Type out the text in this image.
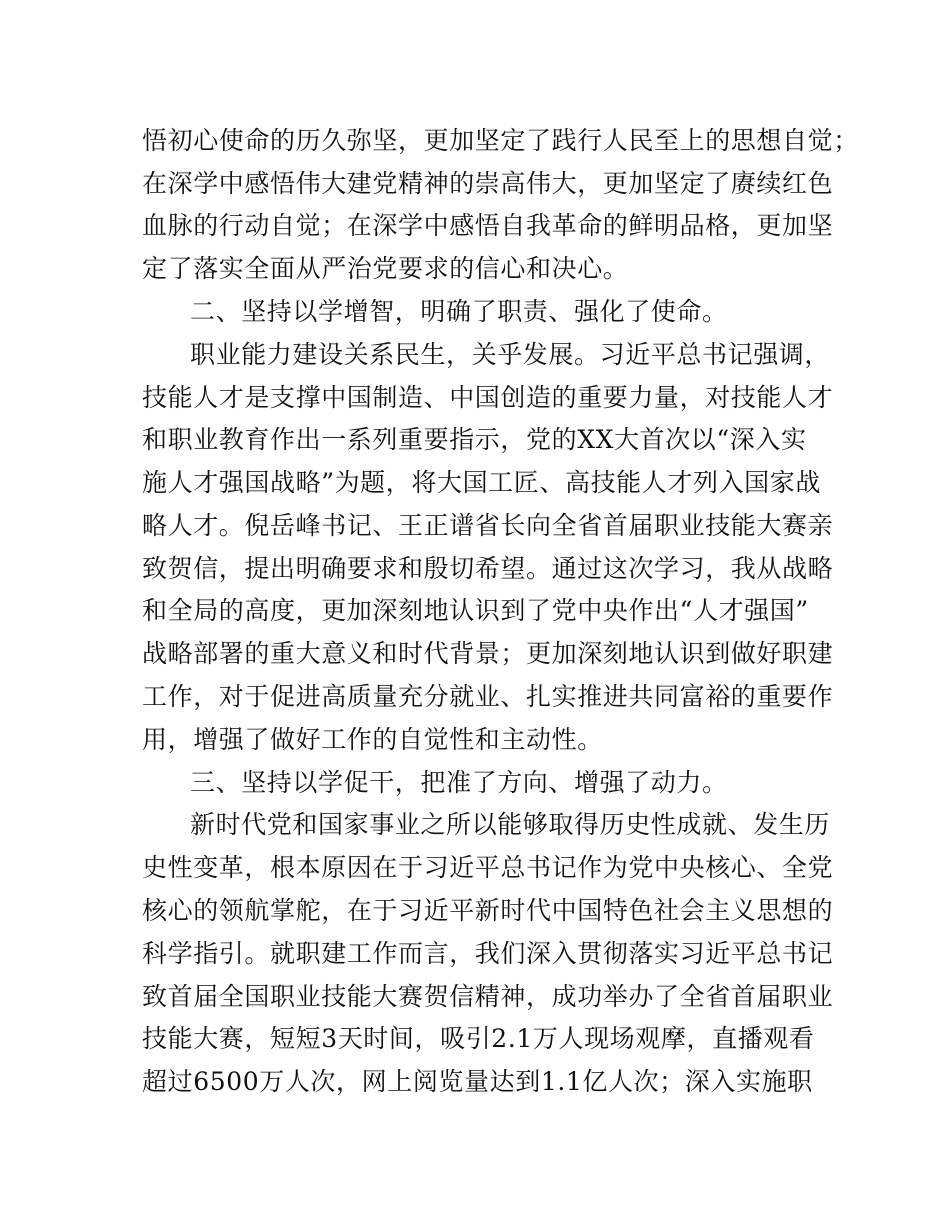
悟初心使命的历久弥坚，更加坚定了践行人民至上的思想自觉；
在深学中感悟伟大建党精神的崇高伟大，更加坚定了赓续红色
血脉的行动自觉；在深学中感悟自我革命的鲜明品格，更加坚
定了落实全面从严治党要求的信心和决心。
二、坚持以学增智，明确了职责、强化了使命。
职业能力建设关系民生，关乎发展。习近平总书记强调，
技能人才是支撑中国制造、中国创造的重要力量，对技能人才
和职业教育作出一系列重要指示，党的XX大首次以“深入实
施人才强国战略”为题，将大国工匠、高技能人才列入国家战
略人才。倪岳峰书记、王正谱省长向全省首届职业技能大赛亲
致贺信，提出明确要求和殷切希望。通过这次学习，我从战略
和全局的高度，更加深刻地认识到了党中央作出“人才强国”
战略部署的重大意义和时代背景；更加深刻地认识到做好职建
工作，对于促进高质量充分就业、扎实推进共同富裕的重要作
用，增强了做好工作的自觉性和主动性。
三、坚持以学促干，把准了方向、增强了动力。
新时代党和国家事业之所以能够取得历史性成就、发生历
史性变革，根本原因在于习近平总书记作为党中央核心、全党
核心的领航掌舵，在于习近平新时代中国特色社会主义思想的
科学指引。就职建工作而言，我们深入贯彻落实习近平总书记
致首届全国职业技能大赛贺信精神，成功举办了全省首届职业
技能大赛，短短3天时间，吸引2.1万人现场观摩，直播观看
超过6500万人次，网上阅览量达到1.1亿人次；深入实施职
